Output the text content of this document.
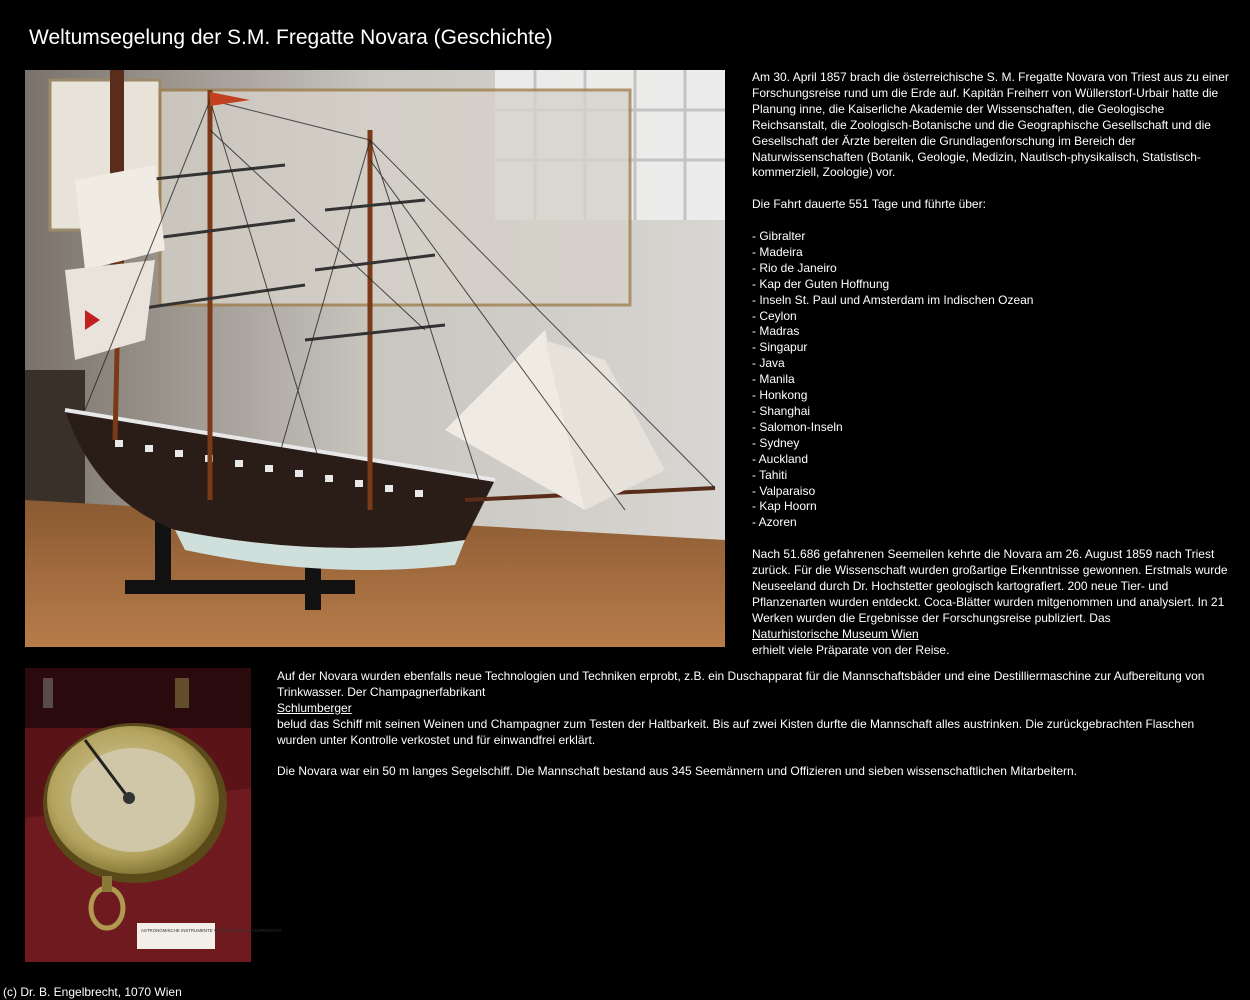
Weltumsegelung der S.M. Fregatte Novara (Geschichte)

Am 30. April 1857 brach die österreichische S. M. Fregatte Novara von Triest aus zu einer Forschungsreise rund um die Erde auf. Kapitän Freiherr von Wüllerstorf-Urbair hatte die Planung inne, die Kaiserliche Akademie der Wissenschaften, die Geologische Reichsanstalt, die Zoologisch-Botanische und die Geographische Gesellschaft und die Gesellschaft der Ärzte bereiten die Grundlagenforschung im Bereich der Naturwissenschaften (Botanik, Geologie, Medizin, Nautisch-physikalisch, Statistisch-kommerziell, Zoologie) vor.

Die Fahrt dauerte 551 Tage und führte über:

- Gibralter
- Madeira
- Rio de Janeiro
- Kap der Guten Hoffnung
- Inseln St. Paul und Amsterdam im Indischen Ozean
- Ceylon
- Madras
- Singapur
- Java
- Manila
- Honkong
- Shanghai
- Salomon-Inseln
- Sydney
- Auckland
- Tahiti
- Valparaiso
- Kap Hoorn
- Azoren

Nach 51.686 gefahrenen Seemeilen kehrte die Novara am 26. August 1859 nach Triest zurück. Für die Wissenschaft wurden großartige Erkenntnisse gewonnen. Erstmals wurde Neuseeland durch Dr. Hochstetter geologisch kartografiert. 200 neue Tier- und Pflanzenarten wurden entdeckt. Coca-Blätter wurden mitgenommen und analysiert. In 21 Werken wurden die Ergebnisse der Forschungsreise publiziert. Das
Naturhistorische Museum Wien
erhielt viele Präparate von der Reise.

ASTRONOMISCHE INSTRUMENTE VON DER NOVARA EXPEDITION

Auf der Novara wurden ebenfalls neue Technologien und Techniken erprobt, z.B. ein Duschapparat für die Mannschaftsbäder und eine Destilliermaschine zur Aufbereitung von Trinkwasser. Der Champagnerfabrikant
Schlumberger
belud das Schiff mit seinen Weinen und Champagner zum Testen der Haltbarkeit. Bis auf zwei Kisten durfte die Mannschaft alles austrinken. Die zurückgebrachten Flaschen wurden unter Kontrolle verkostet und für einwandfrei erklärt.

Die Novara war ein 50 m langes Segelschiff. Die Mannschaft bestand aus 345 Seemännern und Offizieren und sieben wissenschaftlichen Mitarbeitern.

(c) Dr. B. Engelbrecht, 1070 Wien
